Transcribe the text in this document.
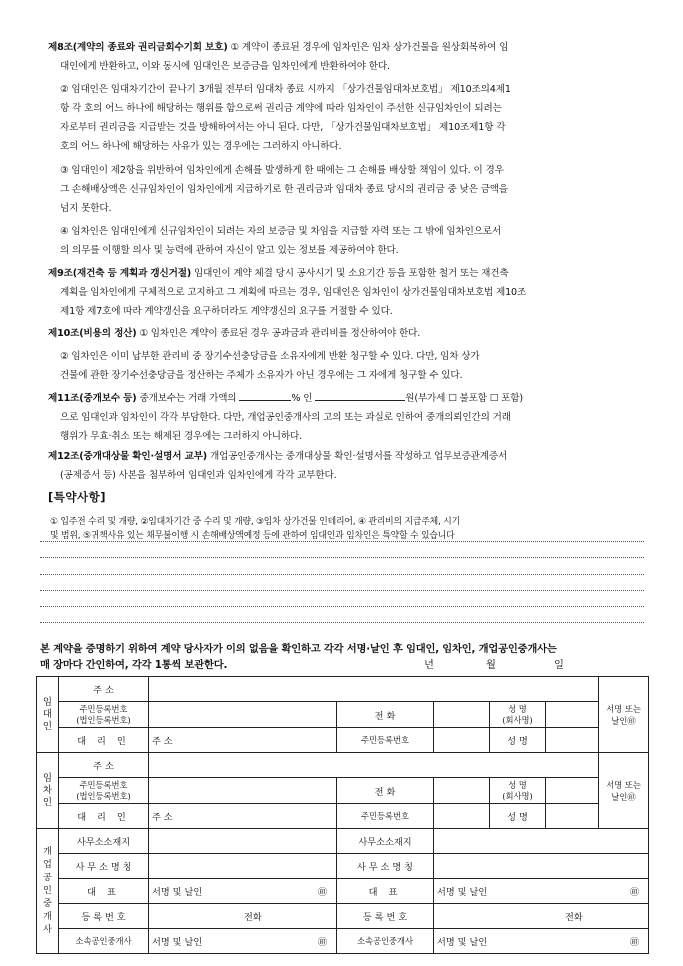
제8조(계약의 종료와 권리금회수기회 보호) ① 계약이 종료된 경우에 임차인은 임차 상가건물을 원상회복하여 임
대인에게 반환하고, 이와 동시에 임대인은 보증금을 임차인에게 반환하여야 한다.
② 임대인은 임대차기간이 끝나기 3개월 전부터 임대차 종료 시까지 「상가건물임대차보호법」 제10조의4제1
항 각 호의 어느 하나에 해당하는 행위를 함으로써 권리금 계약에 따라 임차인이 주선한 신규임차인이 되려는
자로부터 권리금을 지급받는 것을 방해하여서는 아니 된다. 다만, 「상가건물임대차보호법」 제10조제1항 각
호의 어느 하나에 해당하는 사유가 있는 경우에는 그러하지 아니하다.
③ 임대인이 제2항을 위반하여 임차인에게 손해를 발생하게 한 때에는 그 손해를 배상할 책임이 있다. 이 경우
그 손해배상액은 신규임차인이 임차인에게 지급하기로 한 권리금과 임대차 종료 당시의 권리금 중 낮은 금액을
넘지 못한다.
④ 임차인은 임대인에게 신규임차인이 되려는 자의 보증금 및 차임을 지급할 자력 또는 그 밖에 임차인으로서
의 의무를 이행할 의사 및 능력에 관하여 자신이 알고 있는 정보를 제공하여야 한다.
제9조(재건축 등 계획과 갱신거절) 임대인이 계약 체결 당시 공사시기 및 소요기간 등을 포함한 철거 또는 재건축
계획을 임차인에게 구체적으로 고지하고 그 계획에 따르는 경우, 임대인은 임차인이 상가건물임대차보호법 제10조
제1항 제7호에 따라 계약갱신을 요구하더라도 계약갱신의 요구를 거절할 수 있다.
제10조(비용의 정산) ① 임차인은 계약이 종료된 경우 공과금과 관리비를 정산하여야 한다.
② 임차인은 이미 납부한 관리비 중 장기수선충당금을 소유자에게 반환 청구할 수 있다. 다만, 임차 상가
건물에 관한 장기수선충당금을 정산하는 주체가 소유자가 아닌 경우에는 그 자에게 청구할 수 있다.
제11조(중개보수 등) 중개보수는 거래 가액의	% 인	원(부가세 ☐ 불포함 ☐ 포함)
으로 임대인과 임차인이 각각 부담한다. 다만, 개업공인중개사의 고의 또는 과실로 인하여 중개의뢰인간의 거래
행위가 무효·취소 또는 해제된 경우에는 그러하지 아니하다.
제12조(중개대상물 확인·설명서 교부) 개업공인중개사는 중개대상물 확인·설명서를 작성하고 업무보증관계증서
(공제증서 등) 사본을 첨부하여 임대인과 임차인에게 각각 교부한다.
[특약사항]
① 입주전 수리 및 개량, ②임대차기간 중 수리 및 개량, ③임차 상가건물 인테리어, ④ 관리비의 지급주체, 시기
및 범위, ⑤귀책사유 있는 채무불이행 시 손해배상액예정 등에 관하여 임대인과 임차인은 특약할 수 있습니다
본 계약을 증명하기 위하여 계약 당사자가 이의 없음을 확인하고 각각 서명·날인 후 임대인, 임차인, 개업공인중개사는
매 장마다 간인하여, 각각 1통씩 보관한다.	년	월	일
임대인	주 소						서명 또는
날인㊞
	주민등록번호
(법인등록번호)		전 화		성 명
(회사명)		
	대 리 인	주 소	주민등록번호		성 명		
임차인	주 소						서명 또는
날인㊞
	주민등록번호
(법인등록번호)		전 화		성 명
(회사명)		
	대 리 인	주 소	주민등록번호		성 명		
개업공인중개사	사무소소재지		사무소소재지				
	사 무 소 명 칭		사 무 소 명 칭				
	대 표	서명 및 날인 ㊞	대 표	서명 및 날인 ㊞			

	등 록 번 호	전화	등 록 번 호	전화			
	소속공인중개사	서명 및 날인 ㊞	소속공인중개사	서명 및 날인 ㊞			
